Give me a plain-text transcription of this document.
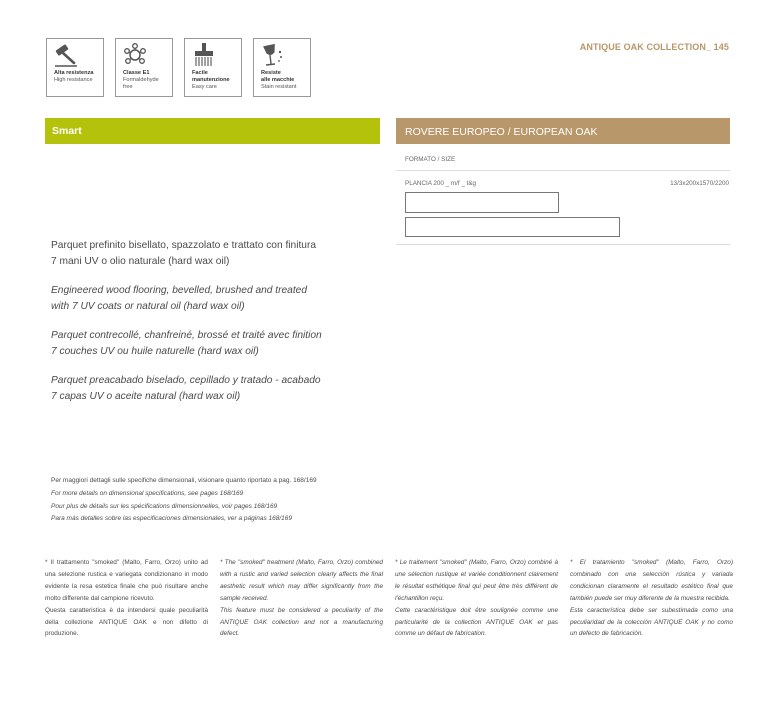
Alta resistenza
High resistance
Classe E1
Formaldehyde
free
Facile
manutenzione
Easy care
Resiste
alle macchie
Stain resistant
ANTIQUE OAK COLLECTION_ 145
Smart	ROVERE EUROPEO / EUROPEAN OAK
FORMATO / SIZE
PLANCIA 200 _ m/f _ t&g	13/3x200x1570/2200

Parquet prefinito bisellato, spazzolato e trattato con finitura

7 mani UV o olio naturale (hard wax oil)

Engineered wood flooring, bevelled, brushed and treated

with 7 UV coats or natural oil (hard wax oil)

Parquet contrecollé, chanfreiné, brossé et traité avec finition

7 couches UV ou huile naturelle (hard wax oil)

Parquet preacabado biselado, cepillado y tratado - acabado

7 capas UV o aceite natural (hard wax oil)

Per maggiori dettagli sulle specifiche dimensionali, visionare quanto riportato a pag. 168/169

For more details on dimensional specifications, see pages 168/169

Pour plus de détails sur les spécifications dimensionnelles, voir pages 168/169

Para más detalles sobre las especificaciones dimensionales, ver a páginas 168/169

* Il trattamento "smoked" (Malto, Farro, Orzo) unito ad una selezione rustica e variegata condizionano in modo evidente la resa estetica finale che può risultare anche molto differente dal campione ricevuto.

Questa caratteristica è da intendersi quale peculiarità della collezione ANTIQUE OAK e non difetto di produzione.

* The "smoked" treatment (Malto, Farro, Orzo) combined with a rustic and varied selection clearly affects the final aesthetic result which may differ significantly from the sample received.

This feature must be considered a peculiarity of the ANTIQUE OAK collection and not a manufacturing defect.

* Le traitement "smoked" (Malto, Farro, Orzo) combiné à une sélection rustique et variée conditionnent clairement le résultat esthétique final qui peut être très différent de l'échantillon reçu.

Cette caractéristique doit être soulignée comme une particularité de la collection ANTIQUE OAK et pas comme un défaut de fabrication.

* El tratamiento "smoked" (Malto, Farro, Orzo) combinado con una selección rústica y variada condicionan claramente el resultado estético final que también puede ser muy diferente de la muestra recibida.

Esta característica debe ser subestimada como una peculiaridad de la colección ANTIQUE OAK y no como un defecto de fabricación.
